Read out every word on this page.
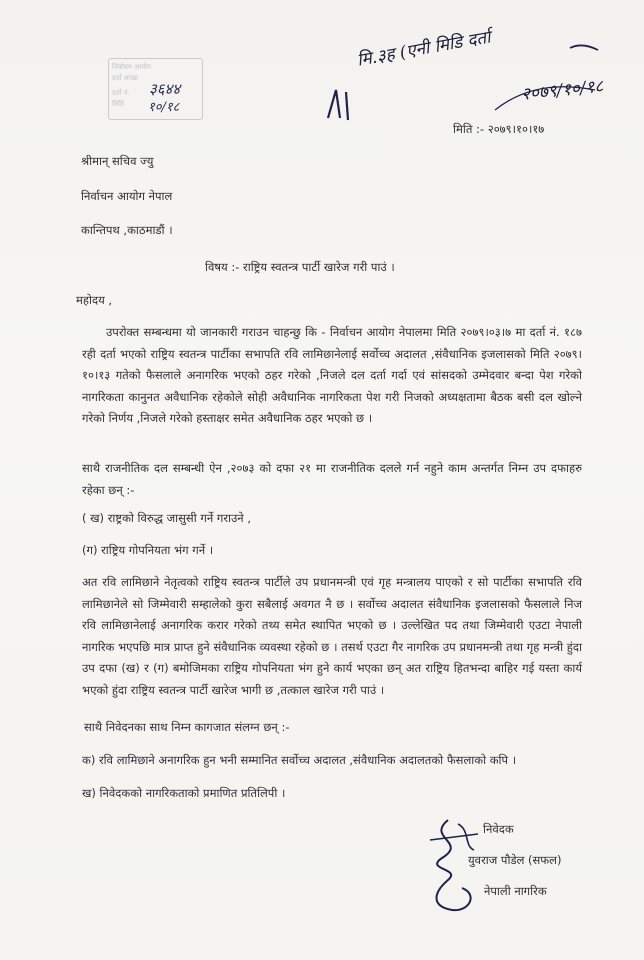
निर्वाचन आयोग
दर्ता शाखा
दर्ता नं.
मिति
३६४४
१०/१८
मि.३ह (एनी मिडि दर्ता
२०७९/१०/१८
मिति :- २०७९।१०।१७
श्रीमान् सचिव ज्यु
निर्वाचन आयोग नेपाल
कान्तिपथ ,काठमाडौं ।
विषय :- राष्ट्रिय स्वतन्त्र पार्टी खारेज गरी पाउं ।
महोदय ,
उपरोक्त सम्बन्धमा यो जानकारी गराउन चाहन्छु कि - निर्वाचन आयोग नेपालमा मिति २०७९।०३।७ मा दर्ता नं. १८७ रही दर्ता भएको राष्ट्रिय स्वतन्त्र पार्टीका सभापति रवि लामिछानेलाई सर्वोच्च अदालत ,संवैधानिक इजलासको मिति २०७९।१०।१३ गतेको फैसलाले अनागरिक भएको ठहर गरेको ,निजले दल दर्ता गर्दा एवं सांसदको उम्मेदवार बन्दा पेश गरेको नागरिकता कानुनत अवैधानिक रहेकोले सोही अवैधानिक नागरिकता पेश गरी निजको अध्यक्षतामा बैठक बसी दल खोल्ने गरेको निर्णय ,निजले गरेको हस्ताक्षर समेत अवैधानिक ठहर भएको छ ।
साथै राजनीतिक दल सम्बन्धी ऐन ,२०७३ को दफा २१ मा राजनीतिक दलले गर्न नहुने काम अन्तर्गत निम्न उप दफाहरु रहेका छन् :-
( ख) राष्ट्रको विरुद्ध जासुसी गर्ने गराउने ,
(ग) राष्ट्रिय गोपनियता भंग गर्ने ।
अत रवि लामिछाने नेतृत्वको राष्ट्रिय स्वतन्त्र पार्टीले उप प्रधानमन्त्री एवं गृह मन्त्रालय पाएको र सो पार्टीका सभापति रवि लामिछानेले सो जिम्मेवारी सम्हालेको कुरा सबैलाई अवगत नै छ । सर्वोच्च अदालत संवैधानिक इजलासको फैसलाले निज रवि लामिछानेलाई अनागरिक करार गरेको तथ्य समेत स्थापित भएको छ । उल्लेखित पद तथा जिम्मेवारी एउटा नेपाली नागरिक भएपछि मात्र प्राप्त हुने संवैधानिक व्यवस्था रहेको छ । तसर्थ एउटा गैर नागरिक उप प्रधानमन्त्री तथा गृह मन्त्री हुंदा उप दफा (ख) र (ग) बमोजिमका राष्ट्रिय गोपनियता भंग हुने कार्य भएका छन् अत राष्ट्रिय हितभन्दा बाहिर गई यस्ता कार्य भएको हुंदा राष्ट्रिय स्वतन्त्र पार्टी खारेज भागी छ ,तत्काल खारेज गरी पाउं ।
साथै निवेदनका साथ निम्न कागजात संलग्न छन् :-
क) रवि लामिछाने अनागरिक हुन भनी सम्मानित सर्वोच्च अदालत ,संवैधानिक अदालतको फैसलाको कपि ।
ख) निवेदकको नागरिकताको प्रमाणित प्रतिलिपी ।
निवेदक
युवराज पौडेल (सफल)
नेपाली नागरिक
